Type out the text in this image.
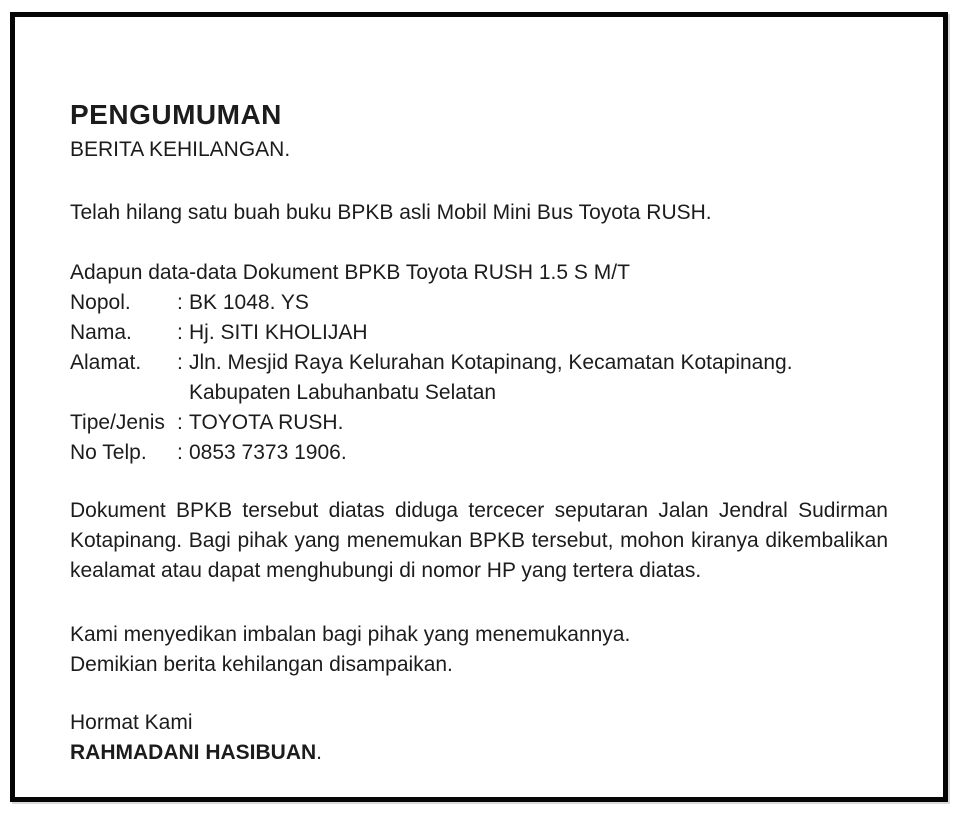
PENGUMUMAN
BERITA KEHILANGAN.
Telah hilang satu buah buku BPKB asli Mobil Mini Bus Toyota RUSH.
Adapun data-data Dokument BPKB Toyota RUSH 1.5 S M/T
Nopol.	: BK 1048. YS
Nama.	: Hj. SITI KHOLIJAH
Alamat.	: Jln. Mesjid Raya Kelurahan Kotapinang, Kecamatan Kotapinang.
Kabupaten Labuhanbatu Selatan
Tipe/Jenis : TOYOTA RUSH.
No Telp.	: 0853 7373 1906.
Dokument BPKB tersebut diatas diduga tercecer seputaran Jalan Jendral Sudirman Kotapinang. Bagi pihak yang menemukan BPKB tersebut, mohon kiranya dikembalikan kealamat atau dapat menghubungi di nomor HP yang tertera diatas.
Kami menyedikan imbalan bagi pihak yang menemukannya.
Demikian berita kehilangan disampaikan.
Hormat Kami
RAHMADANI HASIBUAN.
